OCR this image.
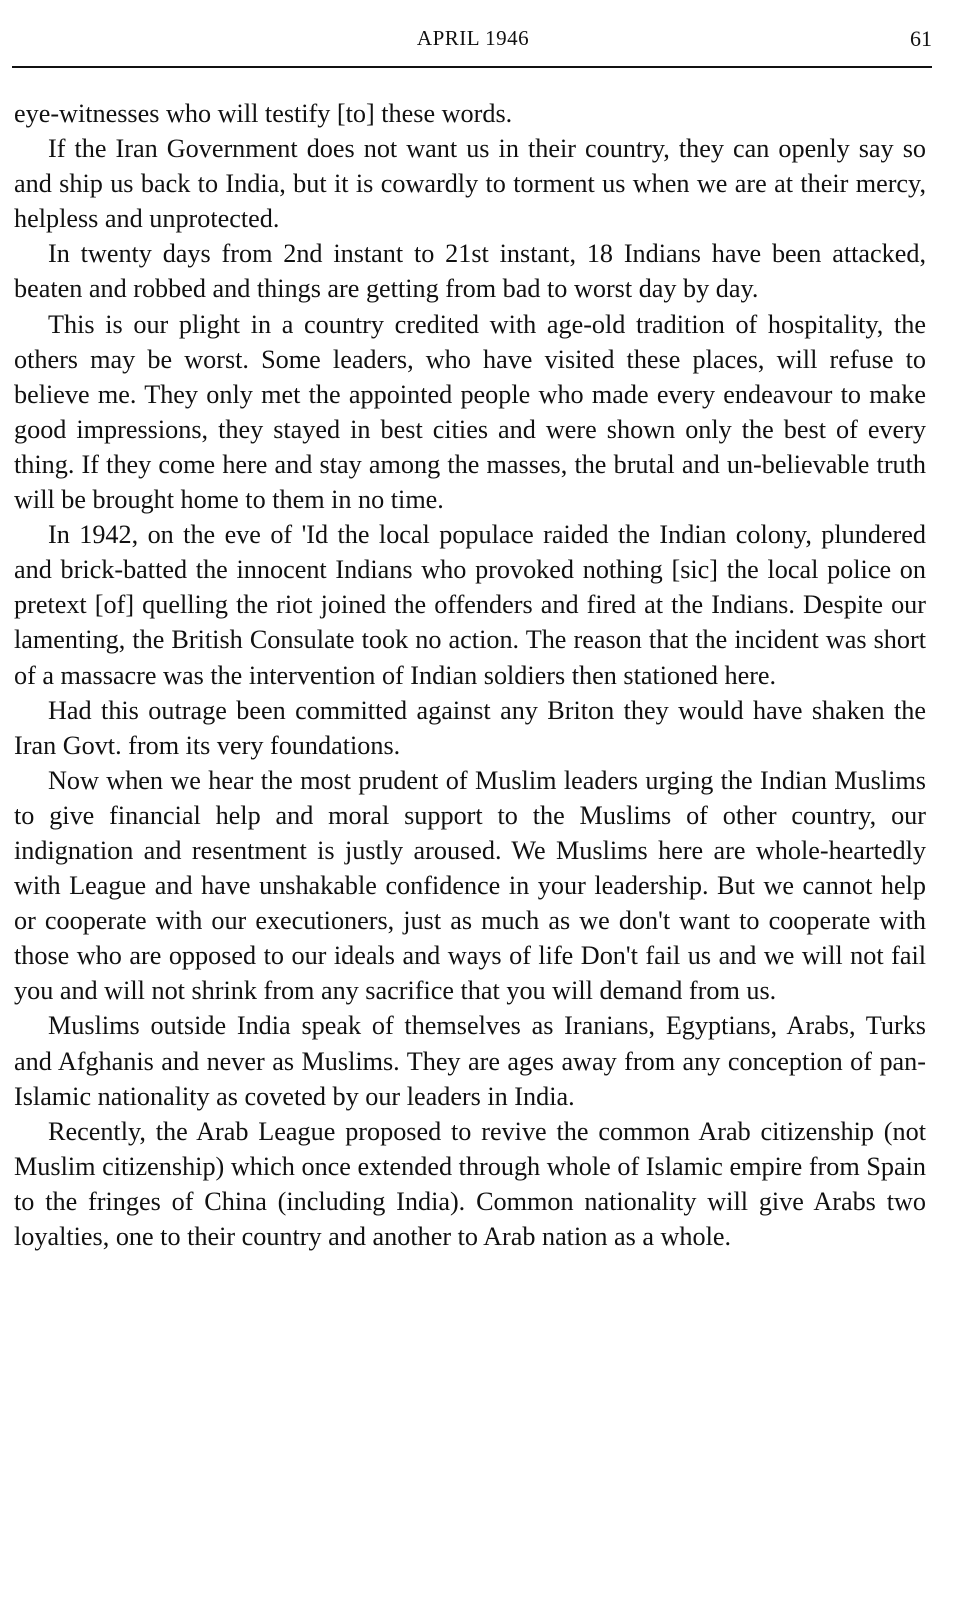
APRIL 1946	61

eye-witnesses who will testify [to] these words.

If the Iran Government does not want us in their country, they can openly say so and ship us back to India, but it is cowardly to torment us when we are at their mercy, helpless and unprotected.

In twenty days from 2nd instant to 21st instant, 18 Indians have been attacked, beaten and robbed and things are getting from bad to worst day by day.

This is our plight in a country credited with age-old tradition of hospitality, the others may be worst. Some leaders, who have visited these places, will refuse to believe me. They only met the appointed people who made every endeavour to make good impressions, they stayed in best cities and were shown only the best of every thing. If they come here and stay among the masses, the brutal and un-believable truth will be brought home to them in no time.

In 1942, on the eve of 'Id the local populace raided the Indian colony, plundered and brick-batted the innocent Indians who provoked nothing [sic] the local police on pretext [of] quelling the riot joined the offenders and fired at the Indians. Despite our lamenting, the British Consulate took no action. The reason that the incident was short of a massacre was the intervention of Indian soldiers then stationed here.

Had this outrage been committed against any Briton they would have shaken the Iran Govt. from its very foundations.

Now when we hear the most prudent of Muslim leaders urging the Indian Muslims to give financial help and moral support to the Muslims of other country, our indignation and resentment is justly aroused. We Muslims here are whole-heartedly with League and have unshakable confidence in your leadership. But we cannot help or cooperate with our executioners, just as much as we don't want to cooperate with those who are opposed to our ideals and ways of life Don't fail us and we will not fail you and will not shrink from any sacrifice that you will demand from us.

Muslims outside India speak of themselves as Iranians, Egyptians, Arabs, Turks and Afghanis and never as Muslims. They are ages away from any conception of pan-Islamic nationality as coveted by our leaders in India.

Recently, the Arab League proposed to revive the common Arab citizenship (not Muslim citizenship) which once extended through whole of Islamic empire from Spain to the fringes of China (including India). Common nationality will give Arabs two loyalties, one to their country and another to Arab nation as a whole.
